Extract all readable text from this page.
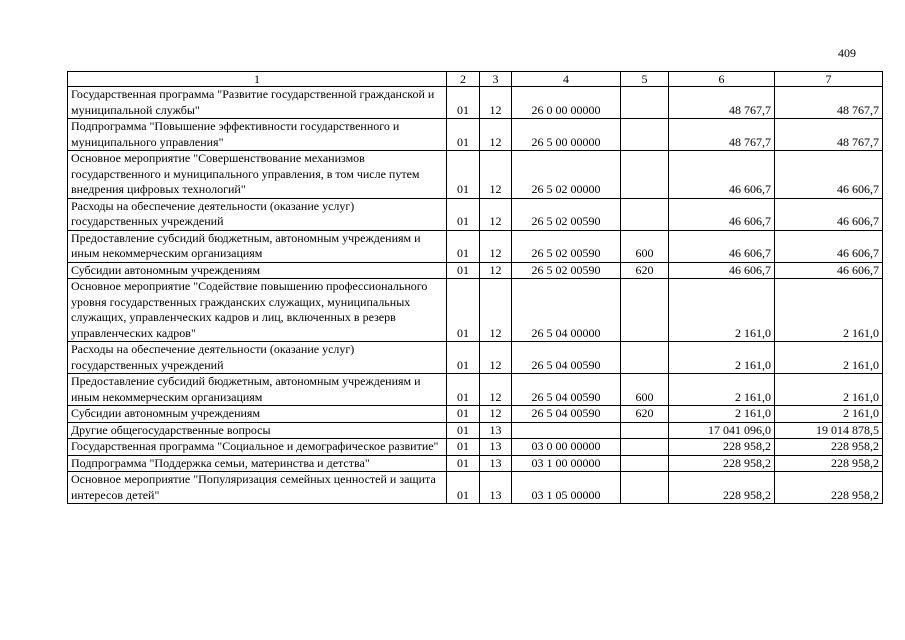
409
1	2	3	4	5	6	7
Государственная программа "Развитие государственной гражданской и муниципальной службы"	01	12	26 0 00 00000		48 767,7	48 767,7
Подпрограмма "Повышение эффективности государственного и муниципального управления"	01	12	26 5 00 00000		48 767,7	48 767,7
Основное мероприятие "Совершенствование механизмов государственного и муниципального управления, в том числе путем внедрения цифровых технологий"	01	12	26 5 02 00000		46 606,7	46 606,7
Расходы на обеспечение деятельности (оказание услуг) государственных учреждений	01	12	26 5 02 00590		46 606,7	46 606,7
Предоставление субсидий бюджетным, автономным учреждениям и иным некоммерческим организациям	01	12	26 5 02 00590	600	46 606,7	46 606,7
Субсидии автономным учреждениям	01	12	26 5 02 00590	620	46 606,7	46 606,7
Основное мероприятие "Содействие повышению профессионального уровня государственных гражданских служащих, муниципальных служащих, управленческих кадров и лиц, включенных в резерв управленческих кадров"	01	12	26 5 04 00000		2 161,0	2 161,0
Расходы на обеспечение деятельности (оказание услуг) государственных учреждений	01	12	26 5 04 00590		2 161,0	2 161,0
Предоставление субсидий бюджетным, автономным учреждениям и иным некоммерческим организациям	01	12	26 5 04 00590	600	2 161,0	2 161,0
Субсидии автономным учреждениям	01	12	26 5 04 00590	620	2 161,0	2 161,0
Другие общегосударственные вопросы	01	13			17 041 096,0	19 014 878,5
Государственная программа "Социальное и демографическое развитие"	01	13	03 0 00 00000		228 958,2	228 958,2
Подпрограмма "Поддержка семьи, материнства и детства"	01	13	03 1 00 00000		228 958,2	228 958,2
Основное мероприятие "Популяризация семейных ценностей и защита интересов детей"	01	13	03 1 05 00000		228 958,2	228 958,2
